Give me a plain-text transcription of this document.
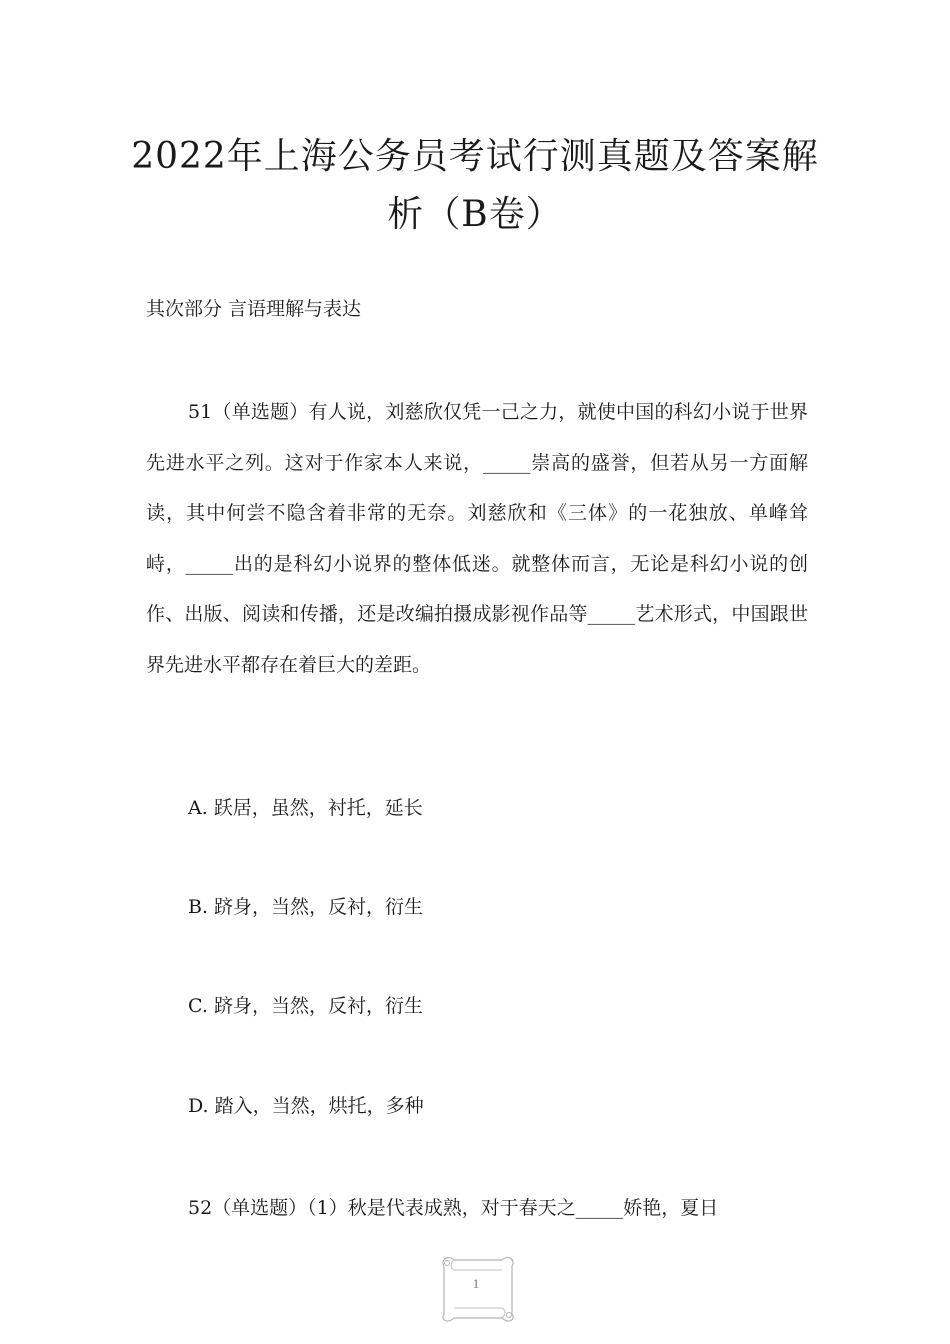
2022年上海公务员考试行测真题及答案解析（B卷）

其次部分 言语理解与表达

51（单选题）有人说，刘慈欣仅凭一己之力，就使中国的科幻小说于世界先进水平之列。这对于作家本人来说，_____崇高的盛誉，但若从另一方面解读，其中何尝不隐含着非常的无奈。刘慈欣和《三体》的一花独放、单峰耸峙，_____出的是科幻小说界的整体低迷。就整体而言，无论是科幻小说的创作、出版、阅读和传播，还是改编拍摄成影视作品等_____艺术形式，中国跟世界先进水平都存在着巨大的差距。

A. 跃居，虽然，衬托，延长

B. 跻身，当然，反衬，衍生

C. 跻身，当然，反衬，衍生

D. 踏入，当然，烘托，多种

52（单选题）（1）秋是代表成熟，对于春天之_____娇艳，夏日

1
